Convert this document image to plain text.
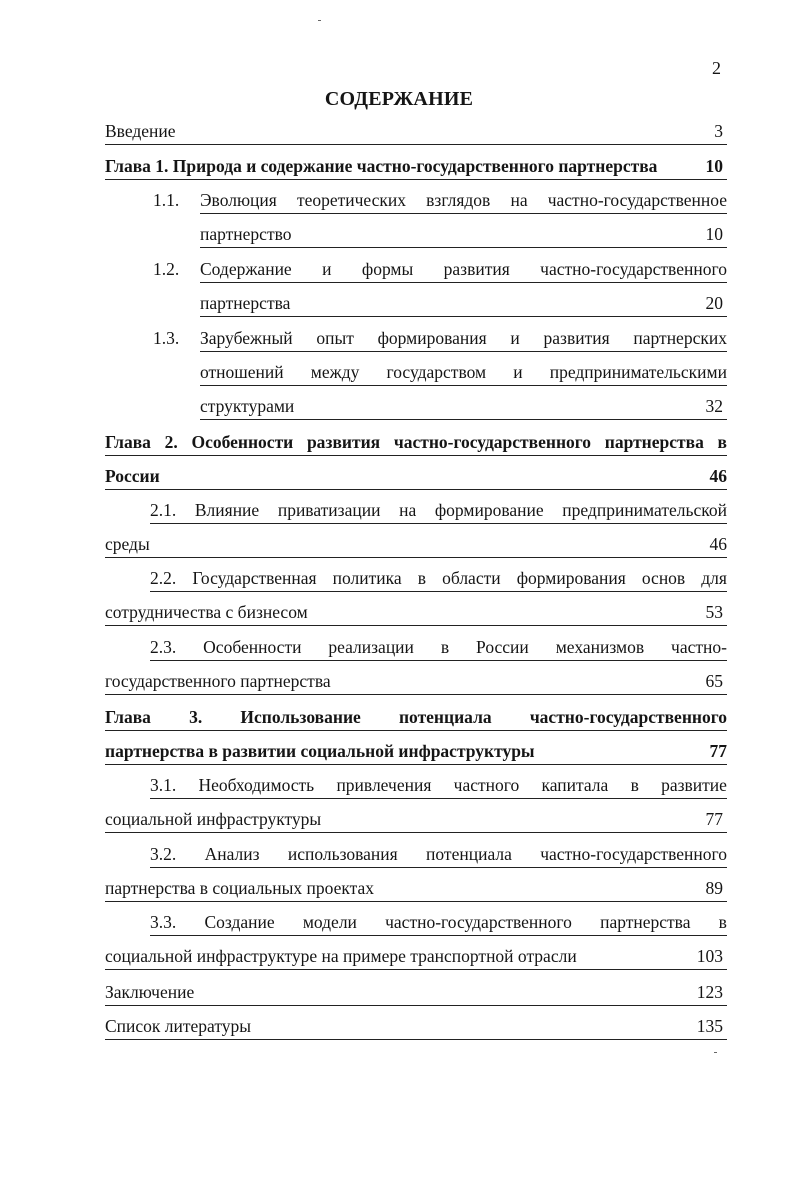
2
СОДЕРЖАНИЕ
Введение	3
Глава 1. Природа и содержание частно-государственного партнерства	10
1.1. Эволюция теоретических взглядов на частно-государственное
партнерство	10
1.2. Содержание и формы развития частно-государственного
партнерства	20
1.3. Зарубежный опыт формирования и развития партнерских
отношений между государством и предпринимательскими
структурами	32
Глава 2. Особенности развития частно-государственного партнерства в
России	46
2.1. Влияние приватизации на формирование предпринимательской
среды	46
2.2. Государственная политика в области формирования основ для
сотрудничества с бизнесом	53
2.3. Особенности реализации в России механизмов частно-
государственного партнерства	65
Глава 3. Использование потенциала частно-государственного
партнерства в развитии социальной инфраструктуры	77
3.1. Необходимость привлечения частного капитала в развитие
социальной инфраструктуры	77
3.2. Анализ использования потенциала частно-государственного
партнерства в социальных проектах	89
3.3. Создание модели частно-государственного партнерства в
социальной инфраструктуре на примере транспортной отрасли	103
Заключение	123
Список литературы	135
